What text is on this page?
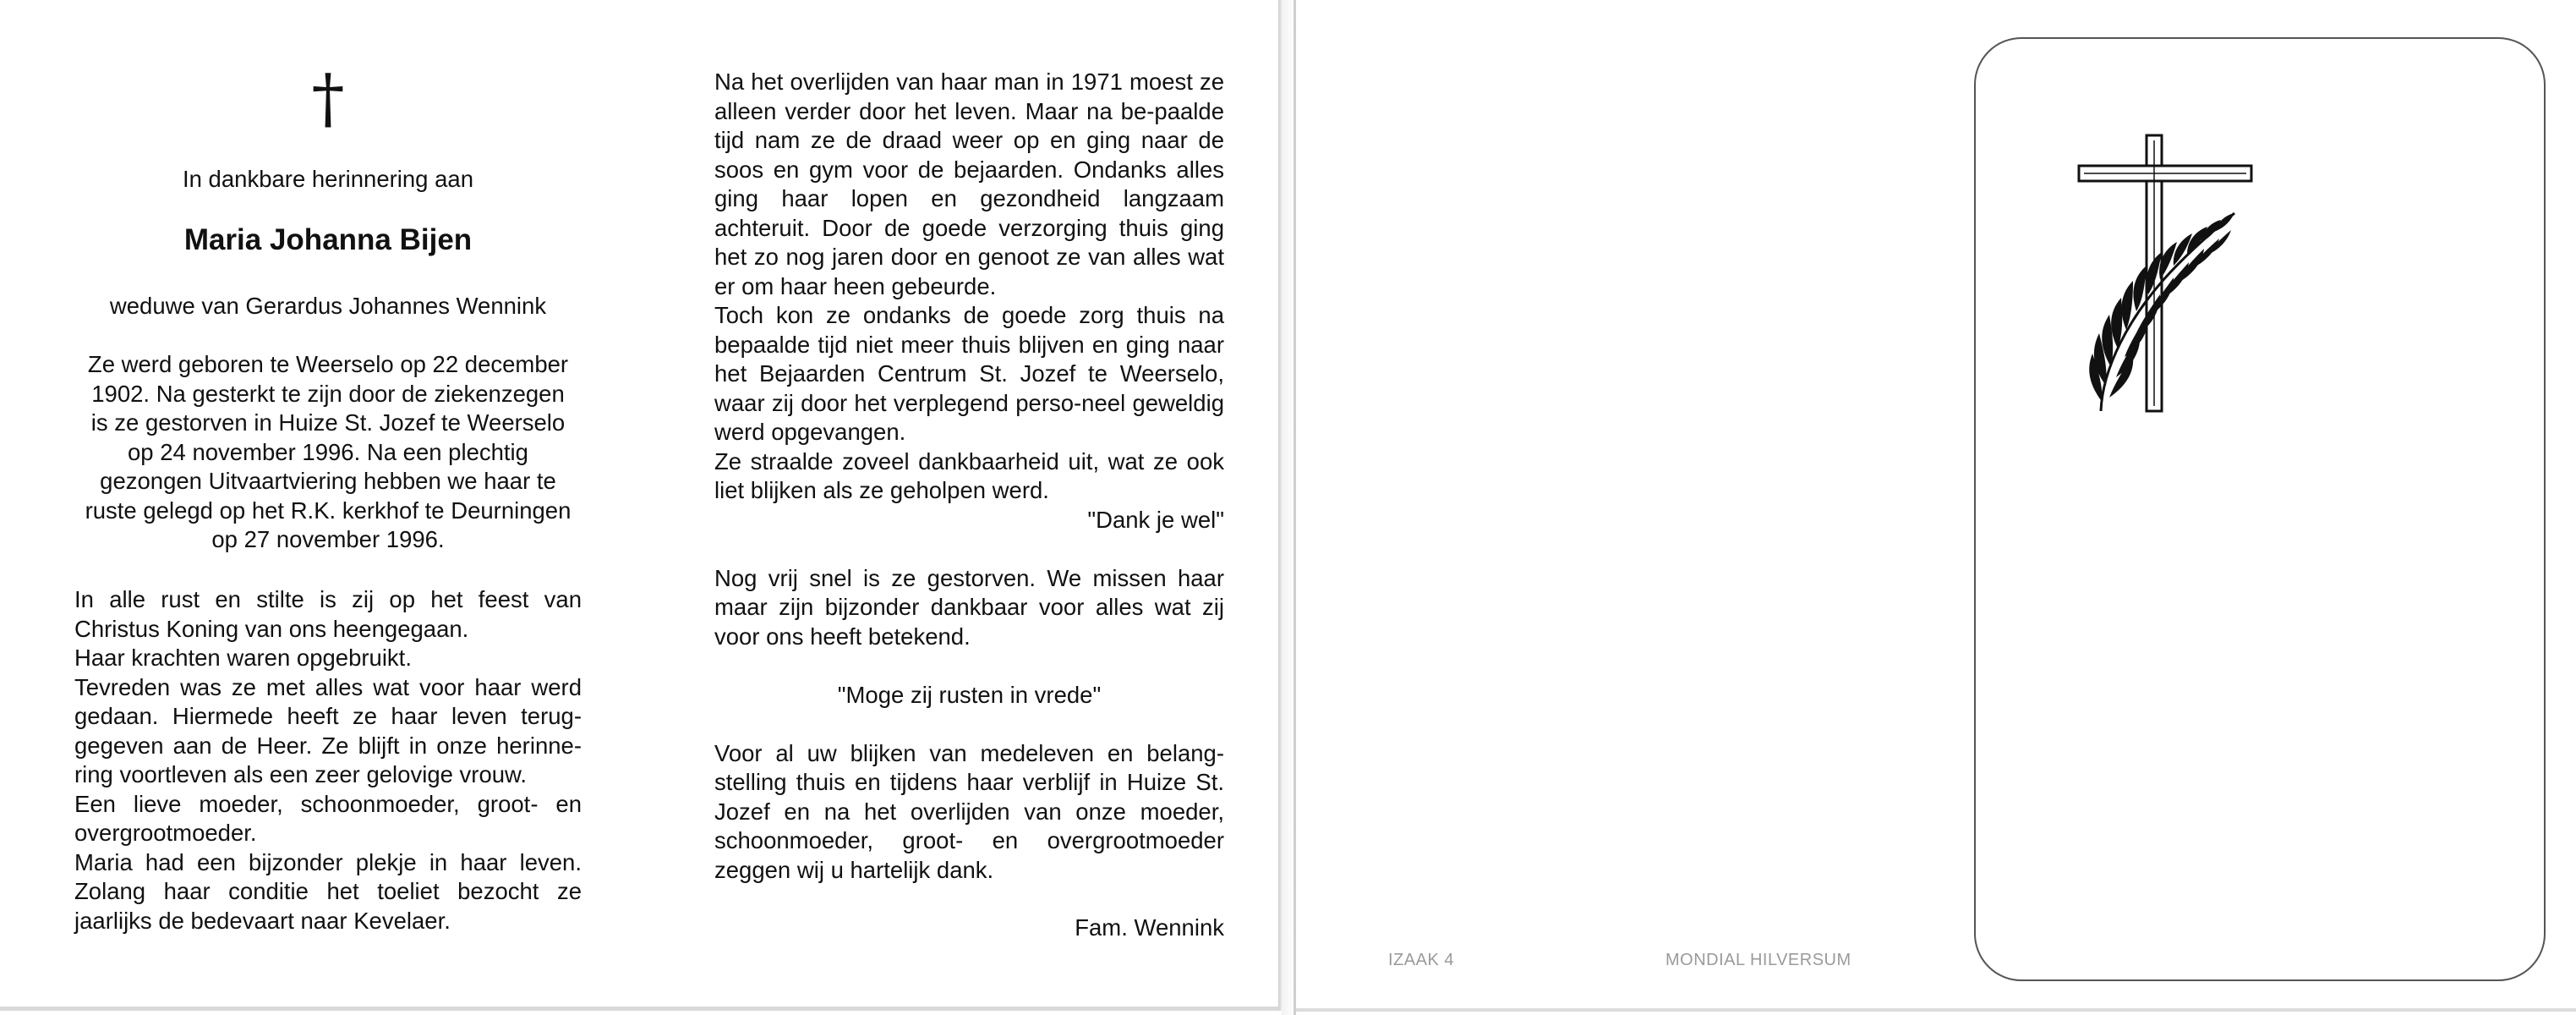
†
In dankbare herinnering aan
Maria Johanna Bijen
weduwe van Gerardus Johannes Wennink
Ze werd geboren te Weerselo op 22 december
1902. Na gesterkt te zijn door de ziekenzegen
is ze gestorven in Huize St. Jozef te Weerselo
op 24 november 1996. Na een plechtig
gezongen Uitvaartviering hebben we haar te
ruste gelegd op het R.K. kerkhof te Deurningen
op 27 november 1996.

In alle rust en stilte is zij op het feest van Christus Koning van ons heengegaan.

Haar krachten waren opgebruikt.

Tevreden was ze met alles wat voor haar werd gedaan. Hiermede heeft ze haar leven terug-gegeven aan de Heer. Ze blijft in onze herinne-ring voortleven als een zeer gelovige vrouw.

Een lieve moeder, schoonmoeder, groot- en overgrootmoeder.

Maria had een bijzonder plekje in haar leven. Zolang haar conditie het toeliet bezocht ze jaarlijks de bedevaart naar Kevelaer.

Na het overlijden van haar man in 1971 moest ze alleen verder door het leven. Maar na be-paalde tijd nam ze de draad weer op en ging naar de soos en gym voor de bejaarden. Ondanks alles ging haar lopen en gezondheid langzaam achteruit. Door de goede verzorging thuis ging het zo nog jaren door en genoot ze van alles wat er om haar heen gebeurde.

Toch kon ze ondanks de goede zorg thuis na bepaalde tijd niet meer thuis blijven en ging naar het Bejaarden Centrum St. Jozef te Weerselo, waar zij door het verplegend perso-neel geweldig werd opgevangen.

Ze straalde zoveel dankbaarheid uit, wat ze ook liet blijken als ze geholpen werd.

"Dank je wel"

Nog vrij snel is ze gestorven. We missen haar maar zijn bijzonder dankbaar voor alles wat zij voor ons heeft betekend.

"Moge zij rusten in vrede"

Voor al uw blijken van medeleven en belang-stelling thuis en tijdens haar verblijf in Huize St. Jozef en na het overlijden van onze moeder, schoonmoeder, groot- en overgrootmoeder zeggen wij u hartelijk dank.

Fam. Wennink

IZAAK 4	MONDIAL HILVERSUM
